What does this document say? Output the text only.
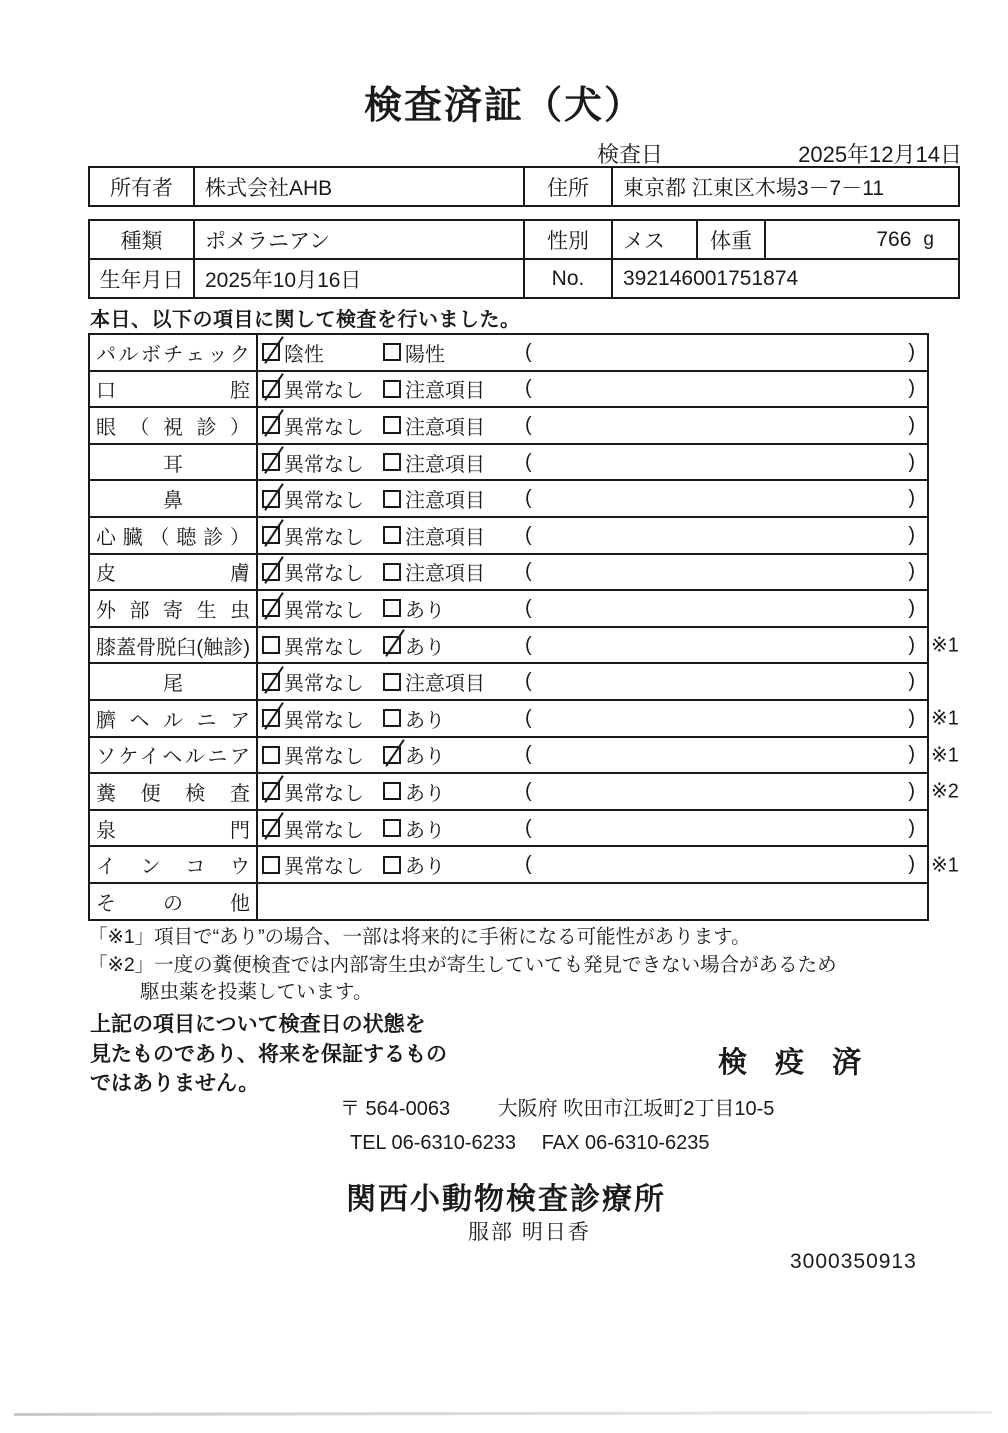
検査済証（犬）
検査日	2025年12月14日
所有者	株式会社AHB	住所	東京都 江東区木場3－7－11
種類	ポメラニアン	性別	メス	体重	766 g
生年月日	2025年10月16日	No.	392146001751874
本日、以下の項目に関して検査を行いました。
パルボチェック 陰性	陽性	(	)
口腔 異常なし 注意項目 (	)
眼（視診） 異常なし 注意項目 (	)
耳	異常なし 注意項目 (	)
鼻	異常なし 注意項目 (	)
心臓（聴診） 異常なし 注意項目 (	)
皮膚 異常なし 注意項目 (	)
外部寄生虫 異常なし あり	(	)
膝蓋骨脱臼(触診) 異常なし あり	(	) ※1
尾	異常なし 注意項目 (	)
臍ヘルニア 異常なし あり	(	) ※1
ソケイヘルニア 異常なし あり	(	) ※1
糞便検査 異常なし あり	(	) ※2
泉門 異常なし あり	(	)
インコウ 異常なし あり	(	) ※1
その他
「※1」項目で“あり”の場合、一部は将来的に手術になる可能性があります。
「※2」一度の糞便検査では内部寄生虫が寄生していても発見できない場合があるため
駆虫薬を投薬しています。
上記の項目について検査日の状態を
見たものであり、将来を保証するもの
ではありません。
検 疫 済
〒 564-0063 大阪府 吹田市江坂町2丁目10-5
TEL 06-6310-6233 FAX 06-6310-6235
関西小動物検査診療所
服部 明日香
3000350913
